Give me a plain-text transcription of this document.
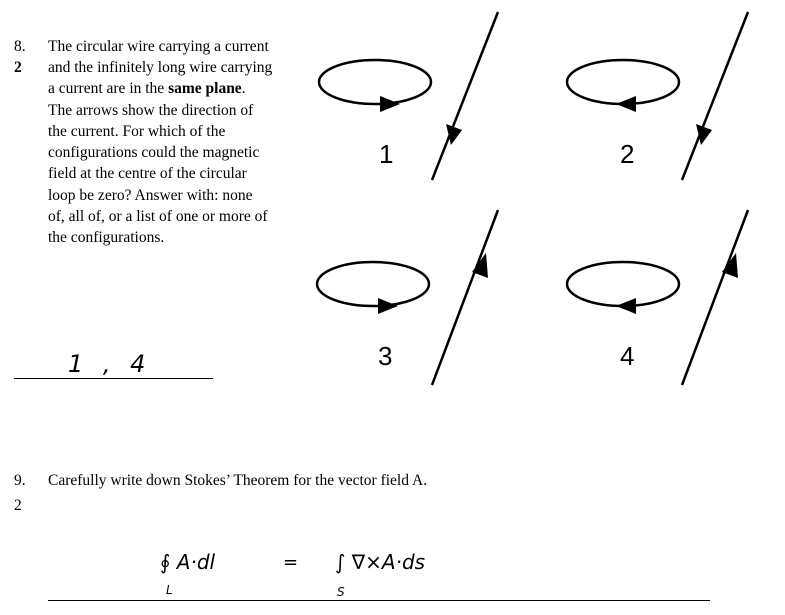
8.
2
The circular wire carrying a current
and the infinitely long wire carrying
a current are in the same plane.
The arrows show the direction of
the current. For which of the
configurations could the magnetic
field at the centre of the circular
loop be zero? Answer with: none
of, all of, or a list of one or more of
the configurations.
1	2
3	4
1 , 4
9. Carefully write down Stokes’ Theorem for the vector field A.
2
∮ A·dl	= ∫ ∇×A·ds
L	S
